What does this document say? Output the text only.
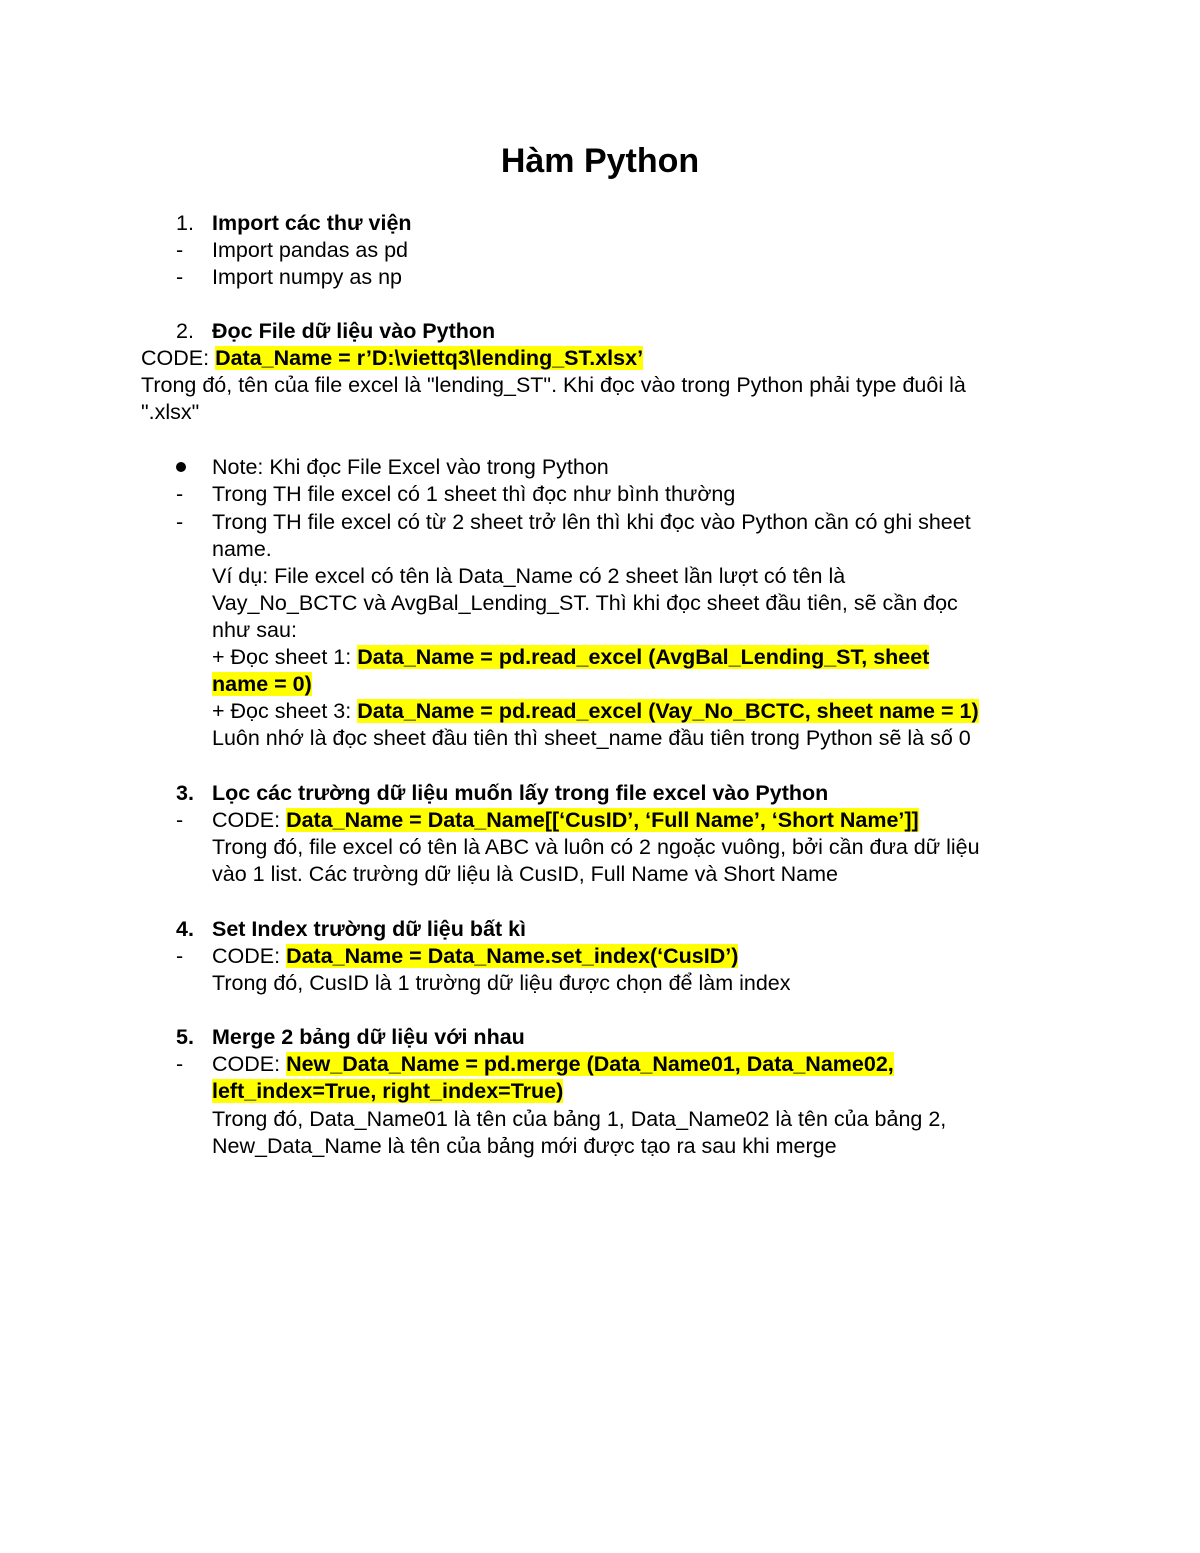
Hàm Python
1. Import các thư viện
- Import pandas as pd
- Import numpy as np
2. Đọc File dữ liệu vào Python
CODE: Data_Name = r’D:\viettq3\lending_ST.xlsx’
Trong đó, tên của file excel là "lending_ST". Khi đọc vào trong Python phải type đuôi là
".xlsx"
Note: Khi đọc File Excel vào trong Python
- Trong TH file excel có 1 sheet thì đọc như bình thường
- Trong TH file excel có từ 2 sheet trở lên thì khi đọc vào Python cần có ghi sheet
name.
Ví dụ: File excel có tên là Data_Name có 2 sheet lần lượt có tên là
Vay_No_BCTC và AvgBal_Lending_ST. Thì khi đọc sheet đầu tiên, sẽ cần đọc
như sau:
+ Đọc sheet 1: Data_Name = pd.read_excel (AvgBal_Lending_ST, sheet
name = 0)
+ Đọc sheet 3: Data_Name = pd.read_excel (Vay_No_BCTC, sheet name = 1)
Luôn nhớ là đọc sheet đầu tiên thì sheet_name đầu tiên trong Python sẽ là số 0
3. Lọc các trường dữ liệu muốn lấy trong file excel vào Python
- CODE: Data_Name = Data_Name[[‘CusID’, ‘Full Name’, ‘Short Name’]]
Trong đó, file excel có tên là ABC và luôn có 2 ngoặc vuông, bởi cần đưa dữ liệu
vào 1 list. Các trường dữ liệu là CusID, Full Name và Short Name
4. Set Index trường dữ liệu bất kì
- CODE: Data_Name = Data_Name.set_index(‘CusID’)
Trong đó, CusID là 1 trường dữ liệu được chọn để làm index
5. Merge 2 bảng dữ liệu với nhau
- CODE: New_Data_Name = pd.merge (Data_Name01, Data_Name02,
left_index=True, right_index=True)
Trong đó, Data_Name01 là tên của bảng 1, Data_Name02 là tên của bảng 2,
New_Data_Name là tên của bảng mới được tạo ra sau khi merge
